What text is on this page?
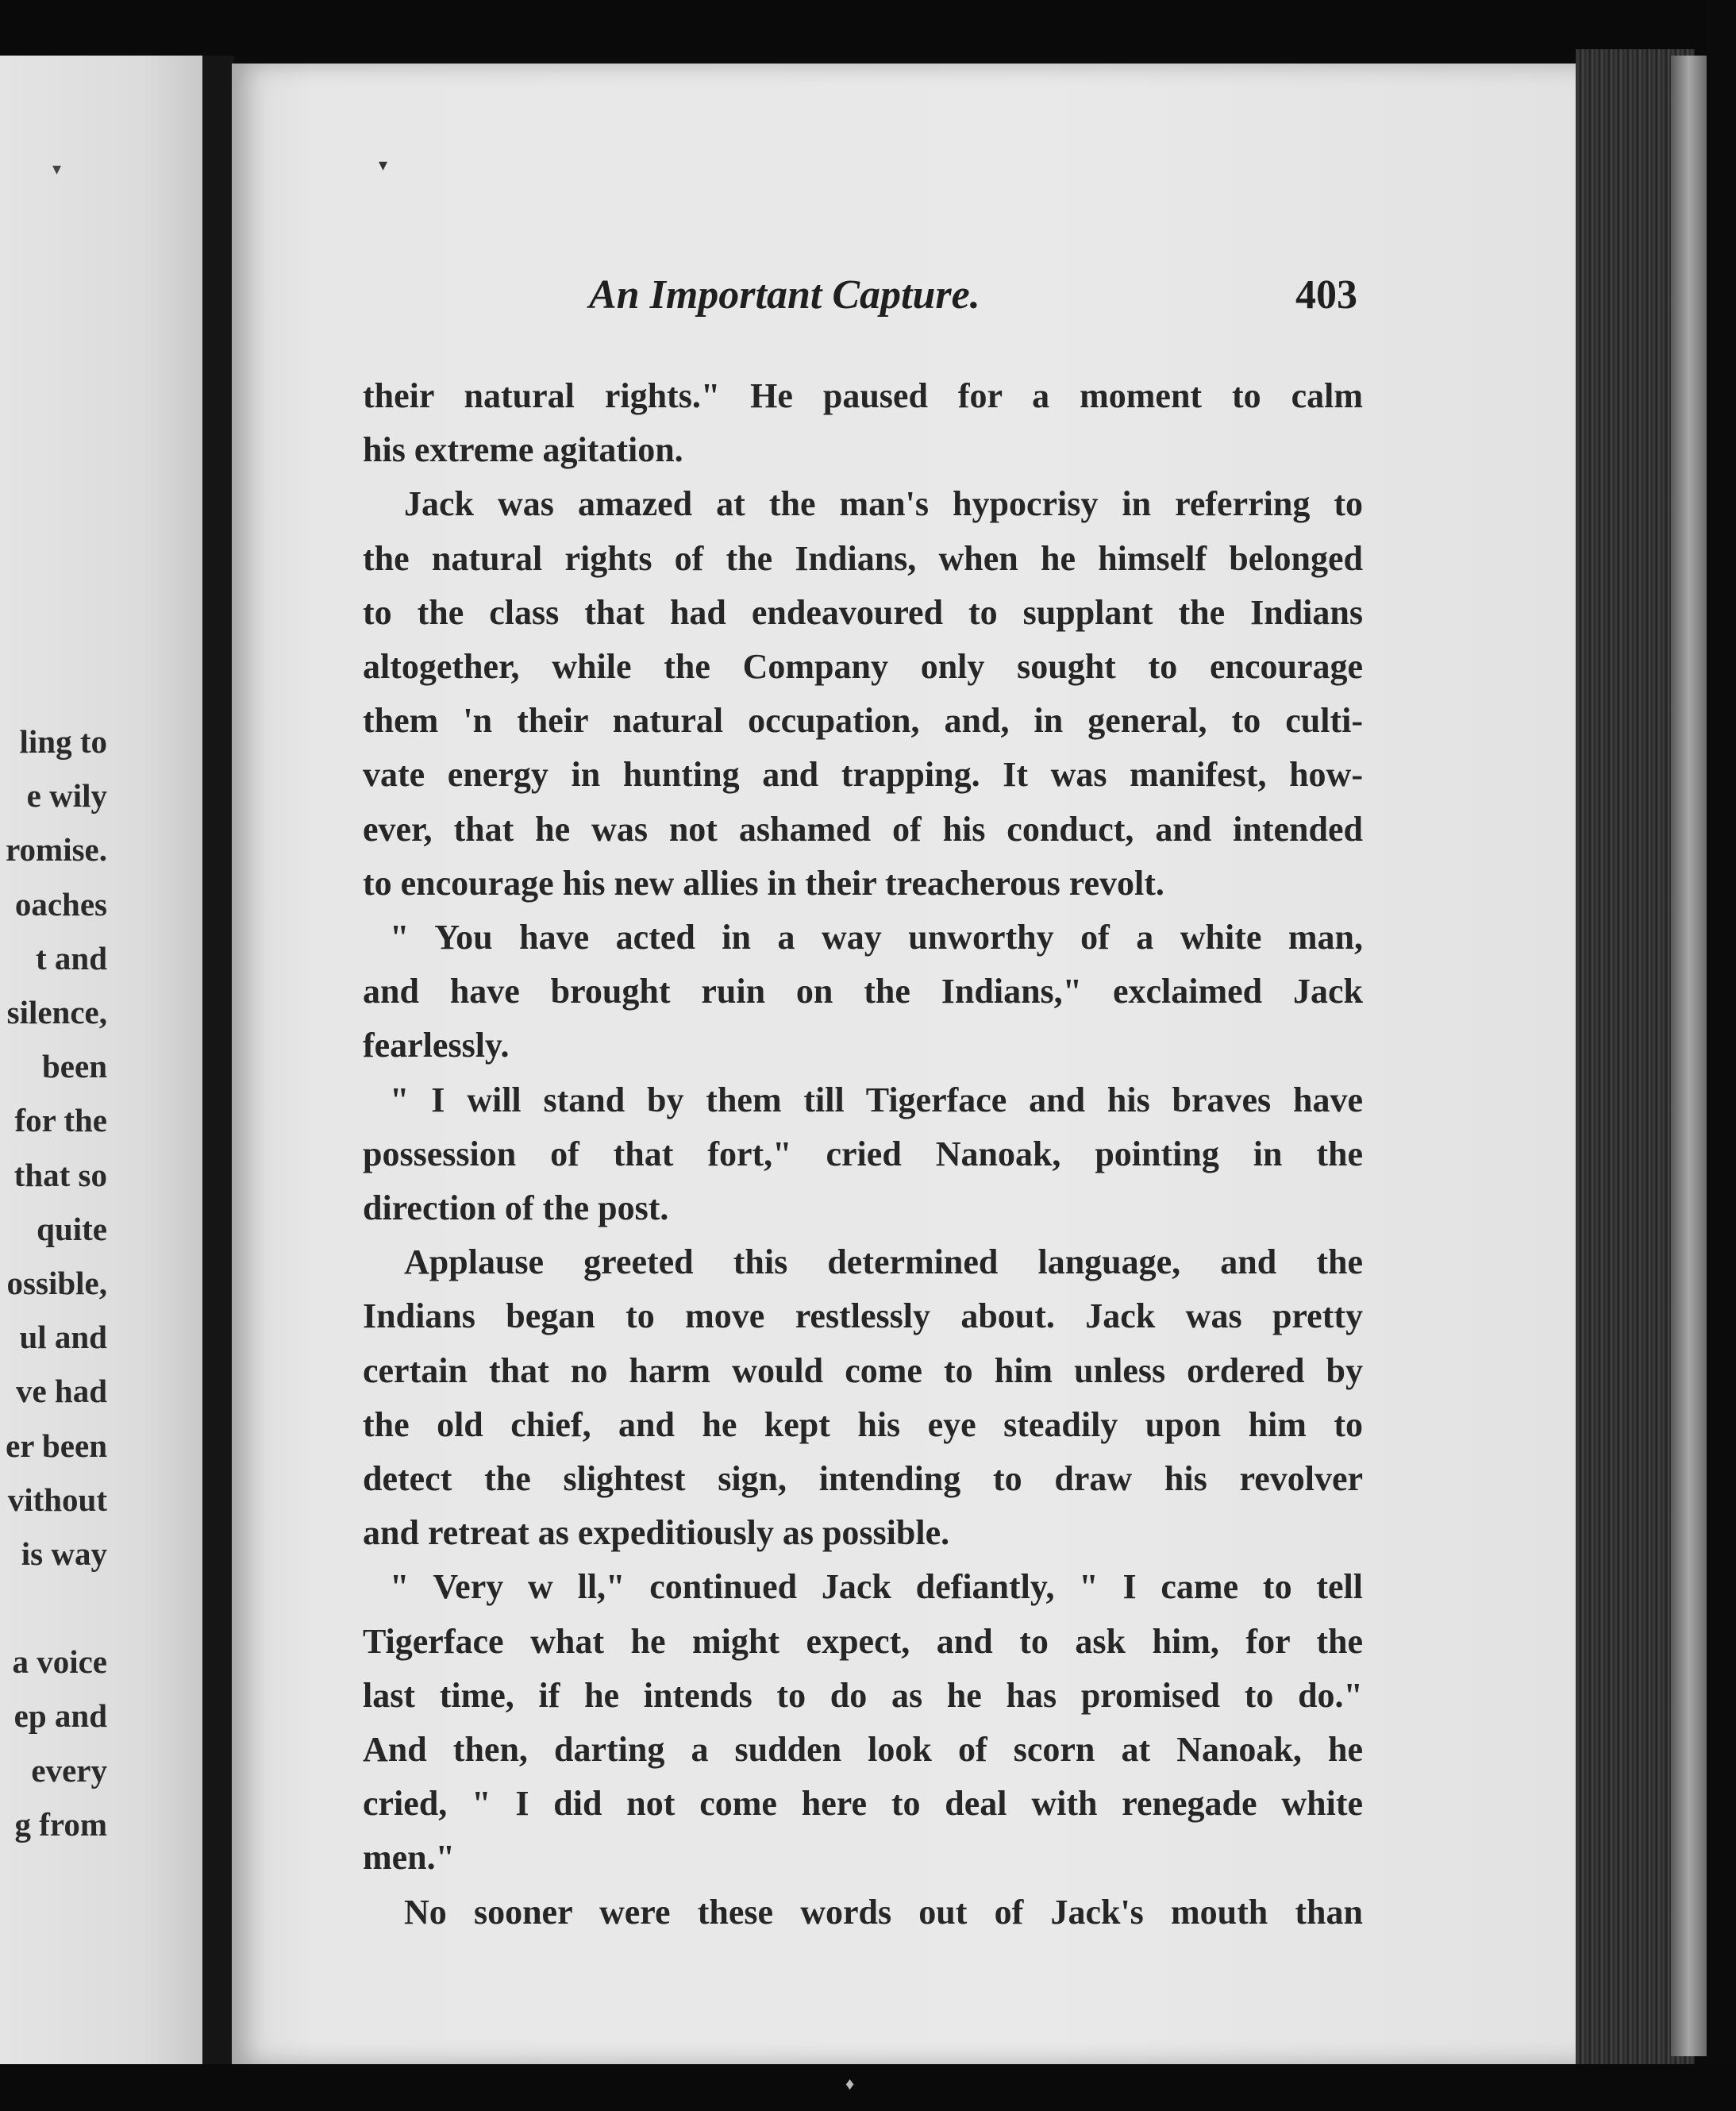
▾
ling to
e wily
romise.
oaches
t and
silence,
been
for the
that so
quite
ossible,
ul and
ve had
er been
vithout
is way
a voice
ep and
every
g from
▾
An Important Capture.	403
their natural rights." He paused for a moment to calm
his extreme agitation.
Jack was amazed at the man's hypocrisy in referring to
the natural rights of the Indians, when he himself belonged
to the class that had endeavoured to supplant the Indians
altogether, while the Company only sought to encourage
them 'n their natural occupation, and, in general, to culti-
vate energy in hunting and trapping. It was manifest, how-
ever, that he was not ashamed of his conduct, and intended
to encourage his new allies in their treacherous revolt.
" You have acted in a way unworthy of a white man,
and have brought ruin on the Indians," exclaimed Jack
fearlessly.
" I will stand by them till Tigerface and his braves have
possession of that fort," cried Nanoak, pointing in the
direction of the post.
Applause greeted this determined language, and the
Indians began to move restlessly about. Jack was pretty
certain that no harm would come to him unless ordered by
the old chief, and he kept his eye steadily upon him to
detect the slightest sign, intending to draw his revolver
and retreat as expeditiously as possible.
" Very w ll," continued Jack defiantly, " I came to tell
Tigerface what he might expect, and to ask him, for the
last time, if he intends to do as he has promised to do."
And then, darting a sudden look of scorn at Nanoak, he
cried, " I did not come here to deal with renegade white
men."
No sooner were these words out of Jack's mouth than
♦
